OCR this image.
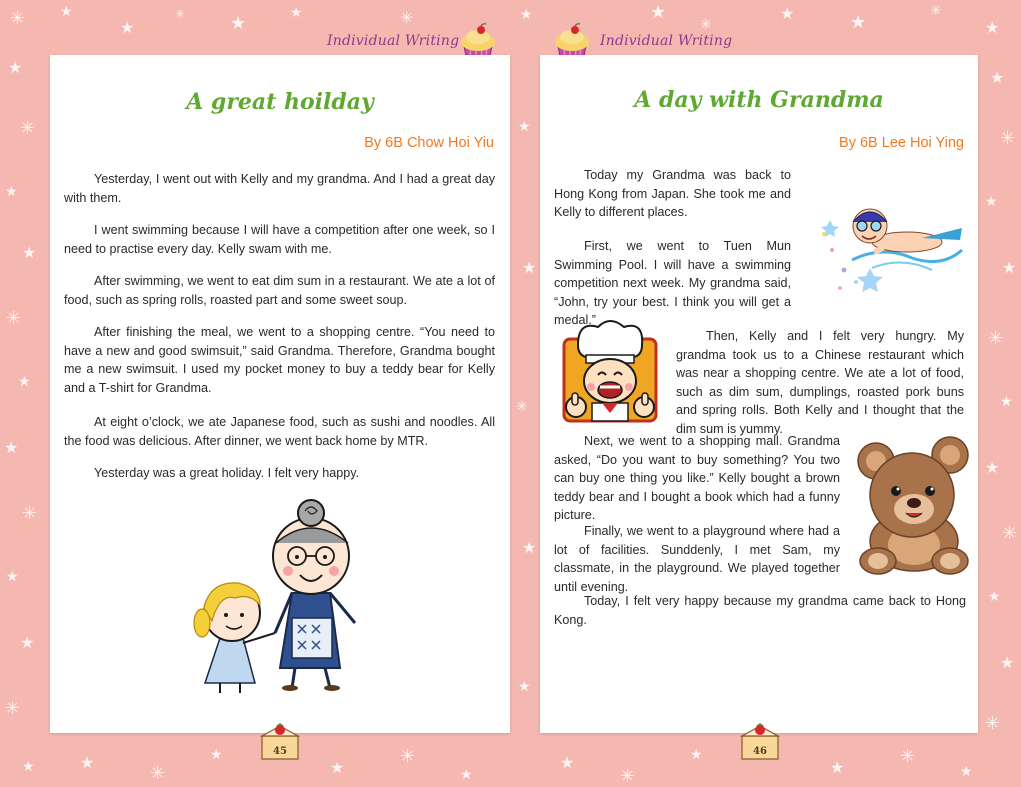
✳ ★
★
✳ ★	★	✳	★	★
✳
★	★
✳
★
★
✳
★
★
✳
★
★
✳
★
★
✳
★	★
✳
★
★
✳
★
★
✳
★
★
✳
★
★
✳
★
★
✳
★
★
✳
★
★
✳
★
★
✳
★
★
Individual Writing	Individual Writing
A great hoilday
By 6B Chow Hoi Yiu

Yesterday, I went out with Kelly and my grandma. And I had a great day with them.

I went swimming because I will have a competition after one week, so I need to practise every day. Kelly swam with me.

After swimming, we went to eat dim sum in a restaurant. We ate a lot of food, such as spring rolls, roasted part and some sweet soup.

After finishing the meal, we went to a shopping centre. “You need to have a new and good swimsuit,” said Grandma. Therefore, Grandma bought me a new swimsuit. I used my pocket money to buy a teddy bear for Kelly and a T-shirt for Grandma.

At eight o’clock, we ate Japanese food, such as sushi and noodles. All the food was delicious. After dinner, we went back home by MTR.

Yesterday was a great holiday. I felt very happy.

A day with Grandma
By 6B Lee Hoi Ying

Today my Grandma was back to Hong Kong from Japan. She took me and Kelly to different places.

First, we went to Tuen Mun Swimming Pool. I will have a swimming competition next week. My grandma said, “John, try your best. I think you will get a medal.”

Then, Kelly and I felt very hungry. My grandma took us to a Chinese restaurant which was near a shopping centre. We ate a lot of food, such as dim sum, dumplings, roasted pork buns and spring rolls. Both Kelly and I thought that the dim sum is yummy.

Next, we went to a shopping mall. Grandma asked, “Do you want to buy something? You two can buy one thing you like.” Kelly bought a brown teddy bear and I bought a book which had a funny picture.

Finally, we went to a playground where had a lot of facilities. Sunddenly, I met Sam, my classmate, in the playground. We played together until evening.

Today, I felt very happy because my grandma came back to Hong Kong.

45	46
